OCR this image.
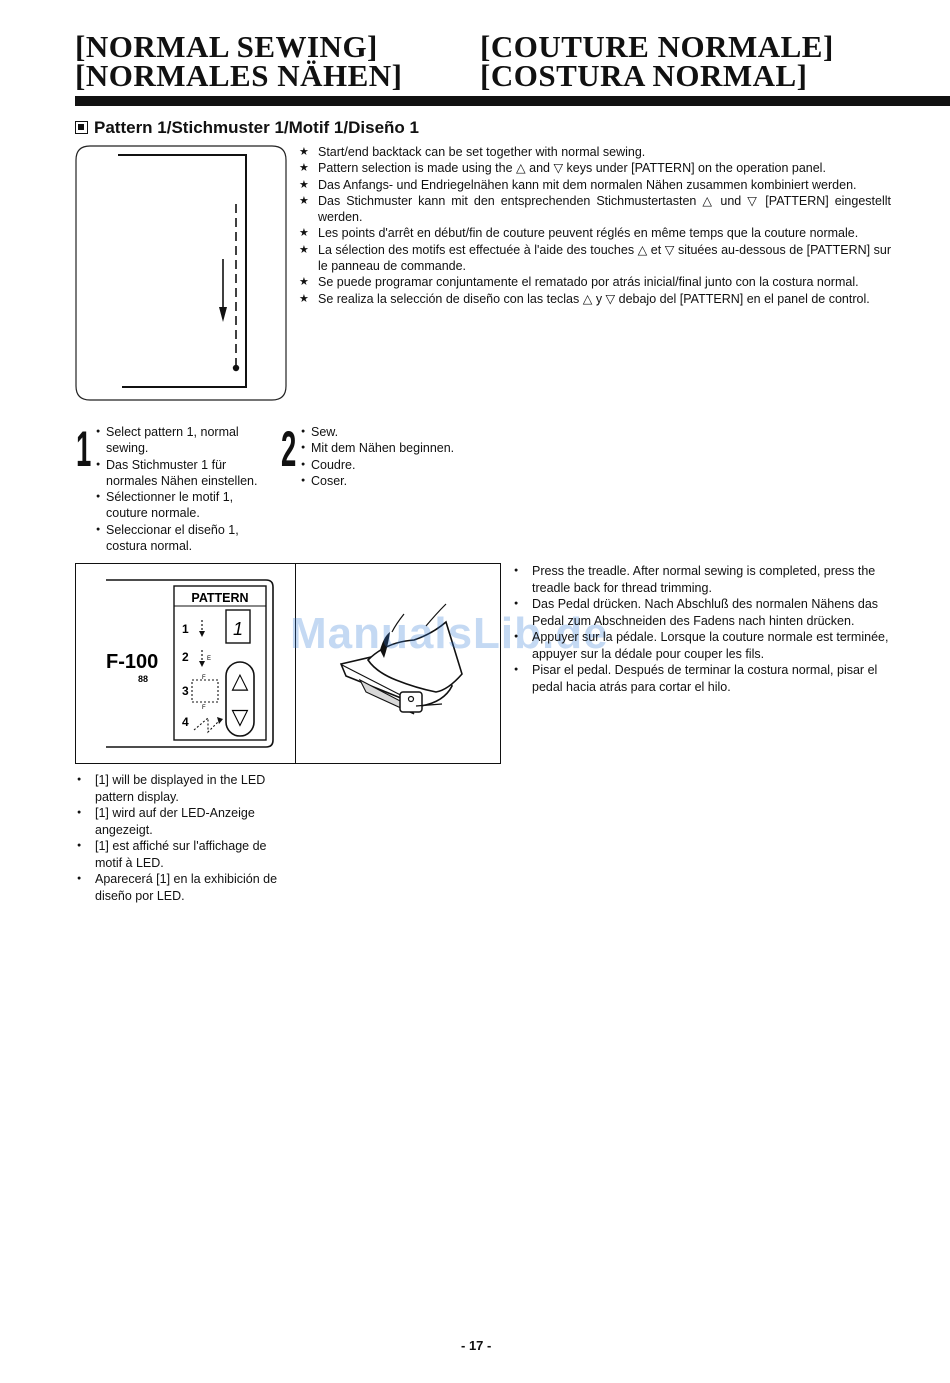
[NORMAL SEWING]
[NORMALES NÄHEN]
[COUTURE NORMALE]
[COSTURA NORMAL]
Pattern 1/Stichmuster 1/Motif 1/Diseño 1
★ Start/end backtack can be set together with normal sewing.
★ Pattern selection is made using the △ and ▽ keys under [PATTERN] on the operation panel.
★ Das Anfangs- und Endriegelnähen kann mit dem normalen Nähen zusammen kombiniert werden.
★ Das Stichmuster kann mit den entsprechenden Stichmustertasten △ und ▽ [PATTERN] eingestellt werden.
★ Les points d'arrêt en début/fin de couture peuvent réglés en même temps que la couture normale.
★ La sélection des motifs est effectuée à l'aide des touches △ et ▽ situées au-dessous de [PATTERN] sur le panneau de commande.
★ Se puede programar conjuntamente el rematado por atrás inicial/final junto con la costura normal.
★ Se realiza la selección de diseño con las teclas △ y ▽ debajo del [PATTERN] en el panel de control.
1	● Select pattern 1, normal sewing.
● Das Stichmuster 1 für normales Nähen einstellen.
● Sélectionner le motif 1, couture normale.
● Seleccionar el diseño 1, costura normal.
2	● Sew.
● Mit dem Nähen beginnen.
● Coudre.
● Coser.
PATTERN
1
1
2	E
3
F
F
4
△
▽
F-100
88
ManualsLib.de
● Press the treadle. After normal sewing is completed, press the treadle back for thread trimming.
● Das Pedal drücken. Nach Abschluß des normalen Nähens das Pedal zum Abschneiden des Fadens nach hinten drücken.
● Appuyer sur la pédale. Lorsque la couture normale est terminée, appuyer sur la dédale pour couper les fils.
● Pisar el pedal. Después de terminar la costura normal, pisar el pedal hacia atrás para cortar el hilo.
● [1] will be displayed in the LED pattern display.
● [1] wird auf der LED-Anzeige angezeigt.
● [1] est affiché sur l'affichage de motif à LED.
● Aparecerá [1] en la exhibición de diseño por LED.
- 17 -
